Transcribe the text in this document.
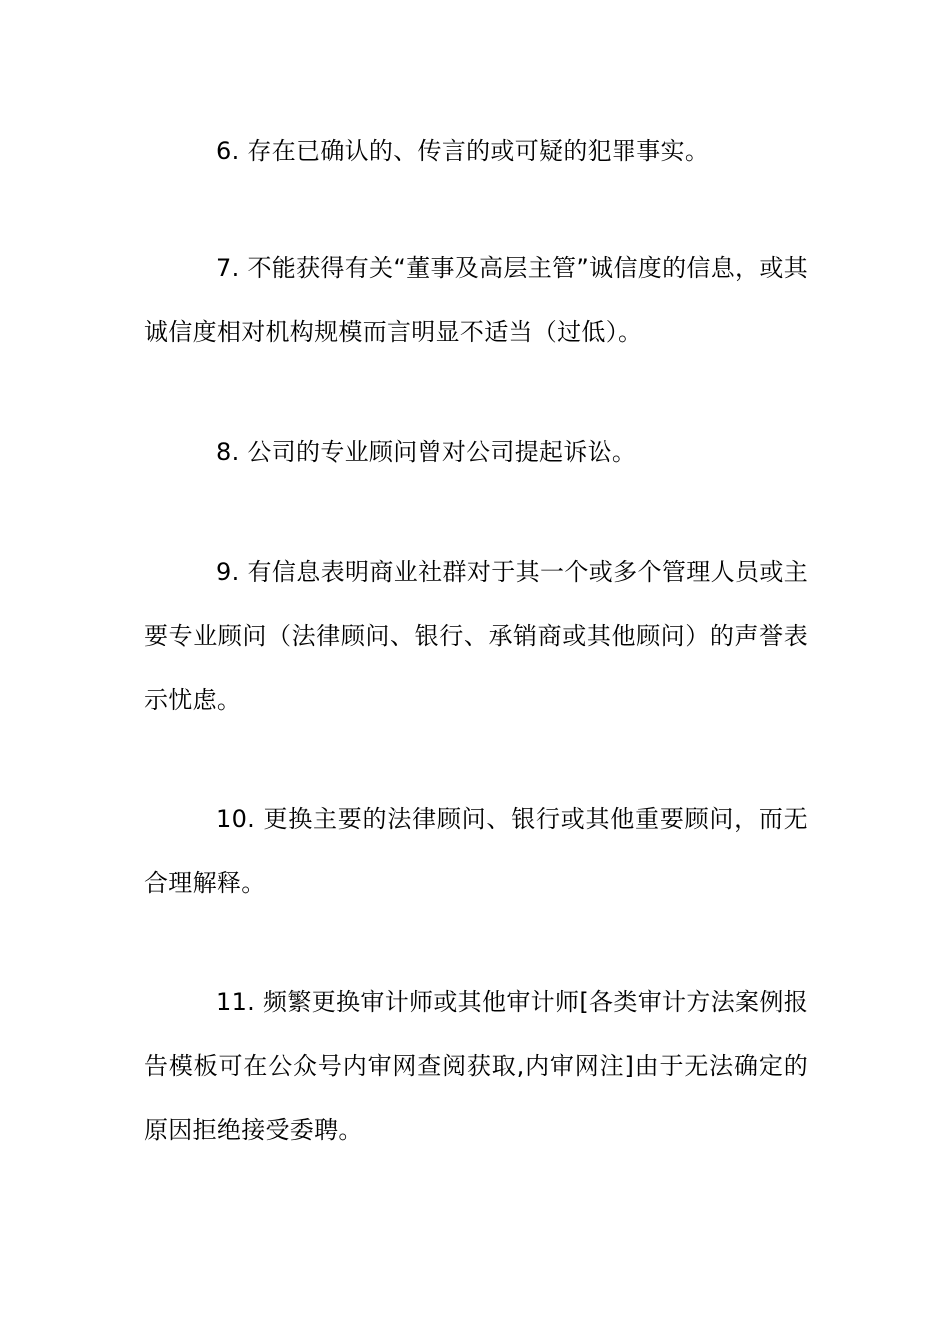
6. 存在已确认的、传言的或可疑的犯罪事实。

7. 不能获得有关“董事及高层主管”诚信度的信息，或其诚信度相对机构规模而言明显不适当（过低）。

8. 公司的专业顾问曾对公司提起诉讼。

9. 有信息表明商业社群对于其一个或多个管理人员或主要专业顾问（法律顾问、银行、承销商或其他顾问）的声誉表示忧虑。

10. 更换主要的法律顾问、银行或其他重要顾问，而无合理解释。

11. 频繁更换审计师或其他审计师[各类审计方法案例报告模板可在公众号内审网查阅获取,内审网注]由于无法确定的原因拒绝接受委聘。
